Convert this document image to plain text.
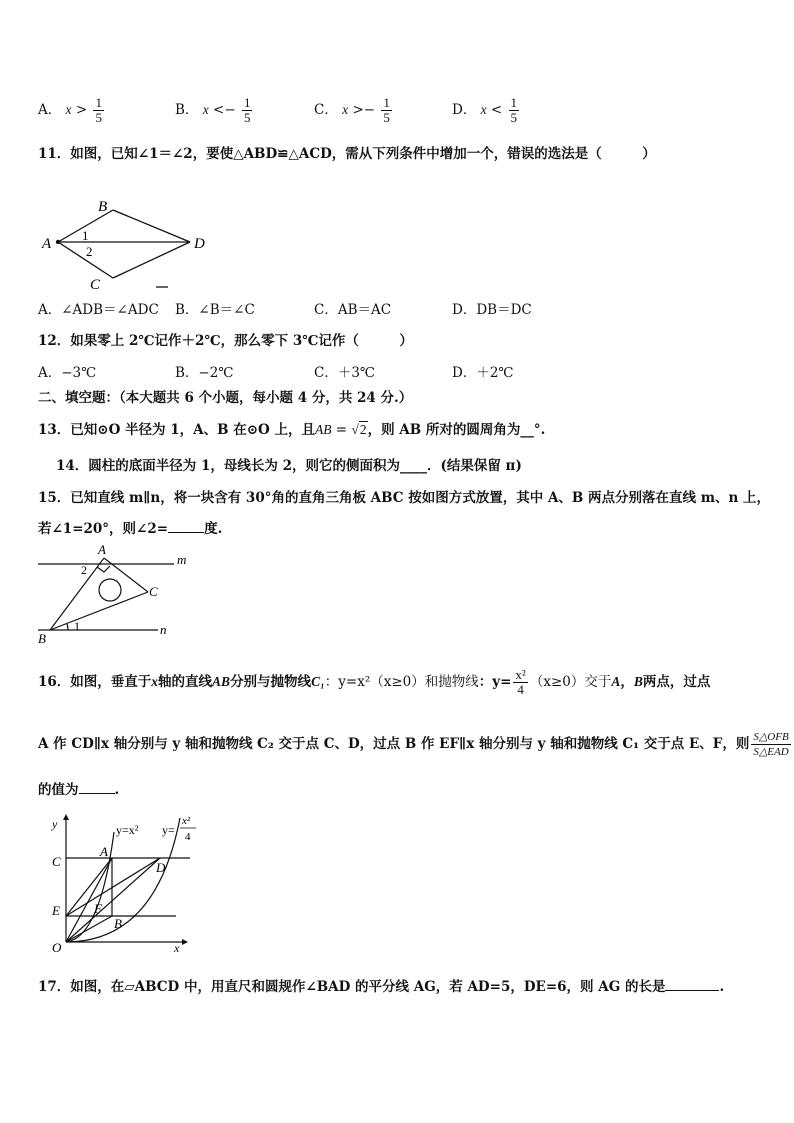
A． $x > \frac{1}{5}$	B． $x <- \frac{1}{5}$	C． $x >- \frac{1}{5}$	D． $x < \frac{1}{5}$
11．如图，已知∠1＝∠2，要使△ABD≌△ACD，需从下列条件中增加一个，错误的选法是（　　　）
A
B
C
D
1
2
A．∠ADB＝∠ADC B．∠B＝∠C	C．AB＝AC	D．DB＝DC
12．如果零上 2℃记作＋2℃，那么零下 3℃记作（　　　）
A．−3℃	B．−2℃	C．＋3℃	D．＋2℃
二、填空题：（本大题共 6 个小题，每小题 4 分，共 24 分.）
13．已知⊙O 半径为 1，A、B 在⊙O 上，且AB = √2，则 AB 所对的圆周角为__°.
14．圆柱的底面半径为 1，母线长为 2，则它的侧面积为____．(结果保留 π)
15．已知直线 m∥n，将一块含有 30°角的直角三角板 ABC 按如图方式放置，其中 A、B 两点分别落在直线 m、n 上，
若∠1=20°，则∠2=	度.
A
B
C
m
n
1
2
16．如图，垂直于x轴的直线AB分别与抛物线C₁：y=x²（x≥0）和抛物线：$y= \frac{\text{x²}}{4} (x\ge 0)$交于A，B两点，过点
A 作 CD∥x 轴分别与 y 轴和抛物线 C₂ 交于点 C、D，过点 B 作 EF∥x 轴分别与 y 轴和抛物线 C₁ 交于点 E、F，则 $\frac{\text{S△OFB}}{\text{S△EAD}}$
的值为	.
y
x
O
A
B
C	D
E	F
y=x² y=
x²
4
17．如图，在▱ABCD 中，用直尺和圆规作∠BAD 的平分线 AG，若 AD=5，DE=6，则 AG 的长是	.
